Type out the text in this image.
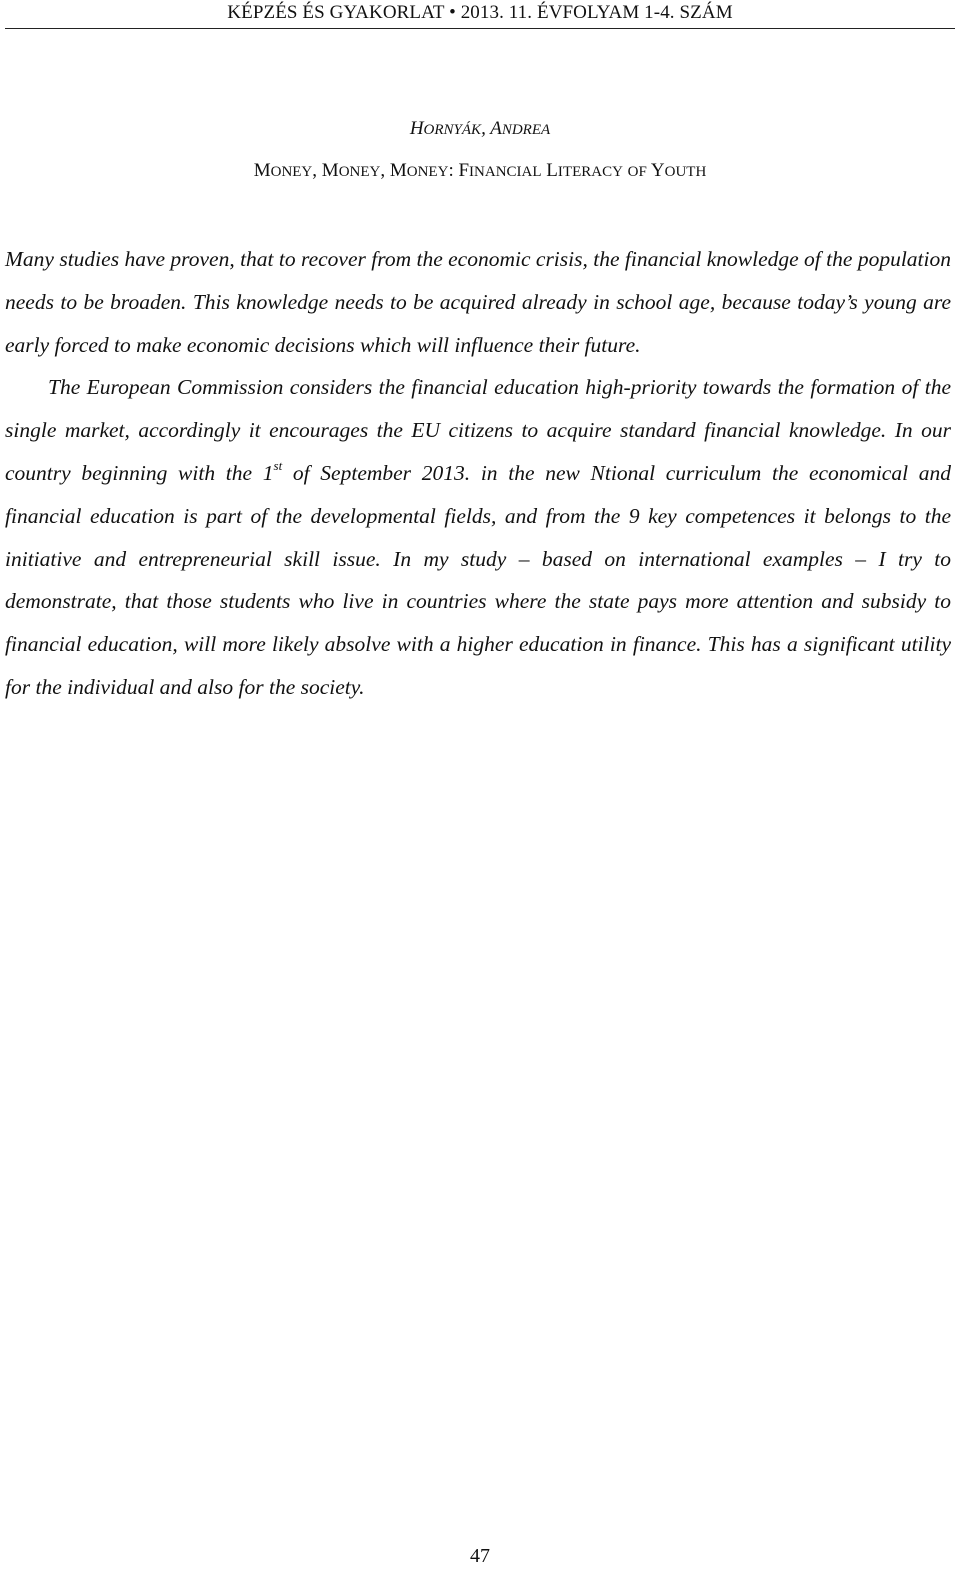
KÉPZÉS ÉS GYAKORLAT • 2013. 11. ÉVFOLYAM 1-4. SZÁM
HORNYÁK, ANDREA
MONEY, MONEY, MONEY: FINANCIAL LITERACY OF YOUTH

Many studies have proven, that to recover from the economic crisis, the financial knowledge of the population needs to be broaden. This knowledge needs to be acquired already in school age, because today’s young are early forced to make economic decisions which will influence their future.

The European Commission considers the financial education high-priority towards the formation of the single market, accordingly it encourages the EU citizens to acquire standard financial knowledge. In our country beginning with the 1st of September 2013. in the new Ntional curriculum the economical and financial education is part of the developmental fields, and from the 9 key competences it belongs to the initiative and entrepreneurial skill issue. In my study – based on international examples – I try to demonstrate, that those students who live in countries where the state pays more attention and subsidy to financial education, will more likely absolve with a higher education in finance. This has a significant utility for the individual and also for the society.

47
